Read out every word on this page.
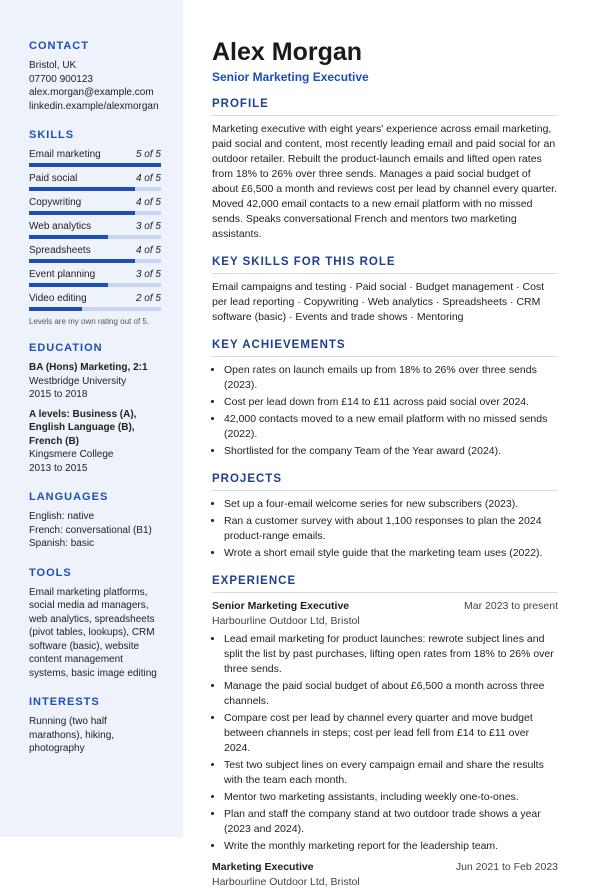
CONTACT
Bristol, UK
07700 900123
alex.morgan@example.com
linkedin.example/alexmorgan
SKILLS
Email marketing	5 of 5
Paid social	4 of 5
Copywriting	4 of 5
Web analytics	3 of 5
Spreadsheets	4 of 5
Event planning	3 of 5
Video editing	2 of 5
Levels are my own rating out of 5.
EDUCATION
BA (Hons) Marketing, 2:1
Westbridge University
2015 to 2018
A levels: Business (A), English Language (B), French (B)
Kingsmere College
2013 to 2015
LANGUAGES
English: native
French: conversational (B1)
Spanish: basic
TOOLS
Email marketing platforms, social media ad managers, web analytics, spreadsheets (pivot tables, lookups), CRM software (basic), website content management systems, basic image editing
INTERESTS
Running (two half marathons), hiking, photography
Alex Morgan
Senior Marketing Executive
PROFILE

Marketing executive with eight years' experience across email marketing, paid social and content, most recently leading email and paid social for an outdoor retailer. Rebuilt the product-launch emails and lifted open rates from 18% to 26% over three sends. Manages a paid social budget of about £6,500 a month and reviews cost per lead by channel every quarter. Moved 42,000 email contacts to a new email platform with no missed sends. Speaks conversational French and mentors two marketing assistants.

KEY SKILLS FOR THIS ROLE

Email campaigns and testing · Paid social · Budget management · Cost per lead reporting · Copywriting · Web analytics · Spreadsheets · CRM software (basic) · Events and trade shows · Mentoring

KEY ACHIEVEMENTS
• Open rates on launch emails up from 18% to 26% over three sends (2023).
• Cost per lead down from £14 to £11 across paid social over 2024.
• 42,000 contacts moved to a new email platform with no missed sends (2022).
• Shortlisted for the company Team of the Year award (2024).
PROJECTS
• Set up a four-email welcome series for new subscribers (2023).
• Ran a customer survey with about 1,100 responses to plan the 2024 product-range emails.
• Wrote a short email style guide that the marketing team uses (2022).
EXPERIENCE
Senior Marketing Executive	Mar 2023 to present
Harbourline Outdoor Ltd, Bristol
• Lead email marketing for product launches: rewrote subject lines and split the list by past purchases, lifting open rates from 18% to 26% over three sends.
• Manage the paid social budget of about £6,500 a month across three channels.
• Compare cost per lead by channel every quarter and move budget between channels in steps; cost per lead fell from £14 to £11 over 2024.
• Test two subject lines on every campaign email and share the results with the team each month.
• Mentor two marketing assistants, including weekly one-to-ones.
• Plan and staff the company stand at two outdoor trade shows a year (2023 and 2024).
• Write the monthly marketing report for the leadership team.
Marketing Executive	Jun 2021 to Feb 2023
Harbourline Outdoor Ltd, Bristol
